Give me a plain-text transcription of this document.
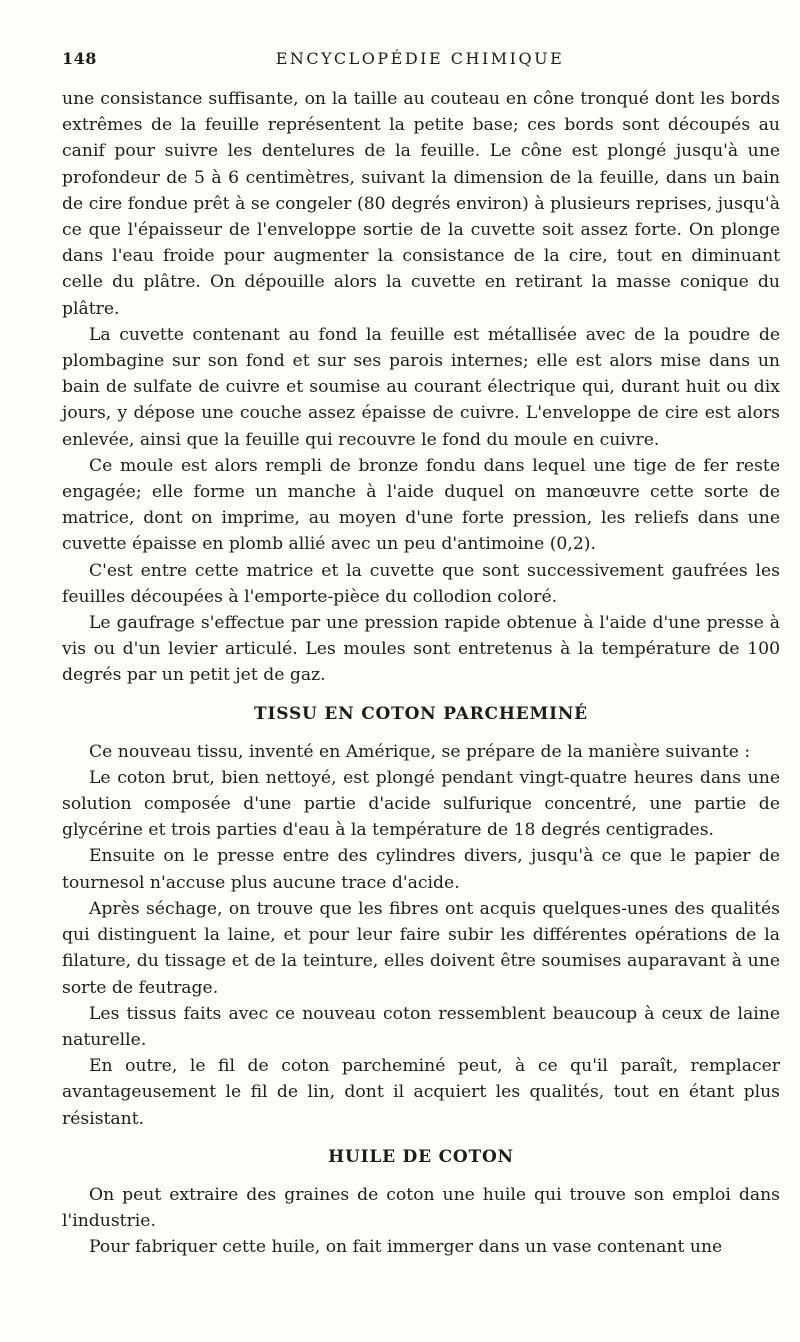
148	ENCYCLOPÉDIE CHIMIQUE

une consistance suffisante, on la taille au couteau en cône tronqué dont les bords extrêmes de la feuille représentent la petite base; ces bords sont découpés au canif pour suivre les dentelures de la feuille. Le cône est plongé jusqu'à une profondeur de 5 à 6 centimètres, suivant la dimension de la feuille, dans un bain de cire fondue prêt à se congeler (80 degrés environ) à plusieurs reprises, jusqu'à ce que l'épaisseur de l'enveloppe sortie de la cuvette soit assez forte. On plonge dans l'eau froide pour augmenter la consistance de la cire, tout en diminuant celle du plâtre. On dépouille alors la cuvette en retirant la masse conique du plâtre.

La cuvette contenant au fond la feuille est métallisée avec de la poudre de plombagine sur son fond et sur ses parois internes; elle est alors mise dans un bain de sulfate de cuivre et soumise au courant électrique qui, durant huit ou dix jours, y dépose une couche assez épaisse de cuivre. L'enveloppe de cire est alors enlevée, ainsi que la feuille qui recouvre le fond du moule en cuivre.

Ce moule est alors rempli de bronze fondu dans lequel une tige de fer reste engagée; elle forme un manche à l'aide duquel on manœuvre cette sorte de matrice, dont on imprime, au moyen d'une forte pression, les reliefs dans une cuvette épaisse en plomb allié avec un peu d'antimoine (0,2).

C'est entre cette matrice et la cuvette que sont successivement gaufrées les feuilles découpées à l'emporte-pièce du collodion coloré.

Le gaufrage s'effectue par une pression rapide obtenue à l'aide d'une presse à vis ou d'un levier articulé. Les moules sont entretenus à la température de 100 degrés par un petit jet de gaz.

TISSU EN COTON PARCHEMINÉ

Ce nouveau tissu, inventé en Amérique, se prépare de la manière suivante :

Le coton brut, bien nettoyé, est plongé pendant vingt-quatre heures dans une solution composée d'une partie d'acide sulfurique concentré, une partie de glycérine et trois parties d'eau à la température de 18 degrés centigrades.

Ensuite on le presse entre des cylindres divers, jusqu'à ce que le papier de tournesol n'accuse plus aucune trace d'acide.

Après séchage, on trouve que les fibres ont acquis quelques-unes des qualités qui distinguent la laine, et pour leur faire subir les différentes opérations de la filature, du tissage et de la teinture, elles doivent être soumises auparavant à une sorte de feutrage.

Les tissus faits avec ce nouveau coton ressemblent beaucoup à ceux de laine naturelle.

En outre, le fil de coton parcheminé peut, à ce qu'il paraît, remplacer avantageusement le fil de lin, dont il acquiert les qualités, tout en étant plus résistant.

HUILE DE COTON

On peut extraire des graines de coton une huile qui trouve son emploi dans l'industrie.

Pour fabriquer cette huile, on fait immerger dans un vase contenant une
